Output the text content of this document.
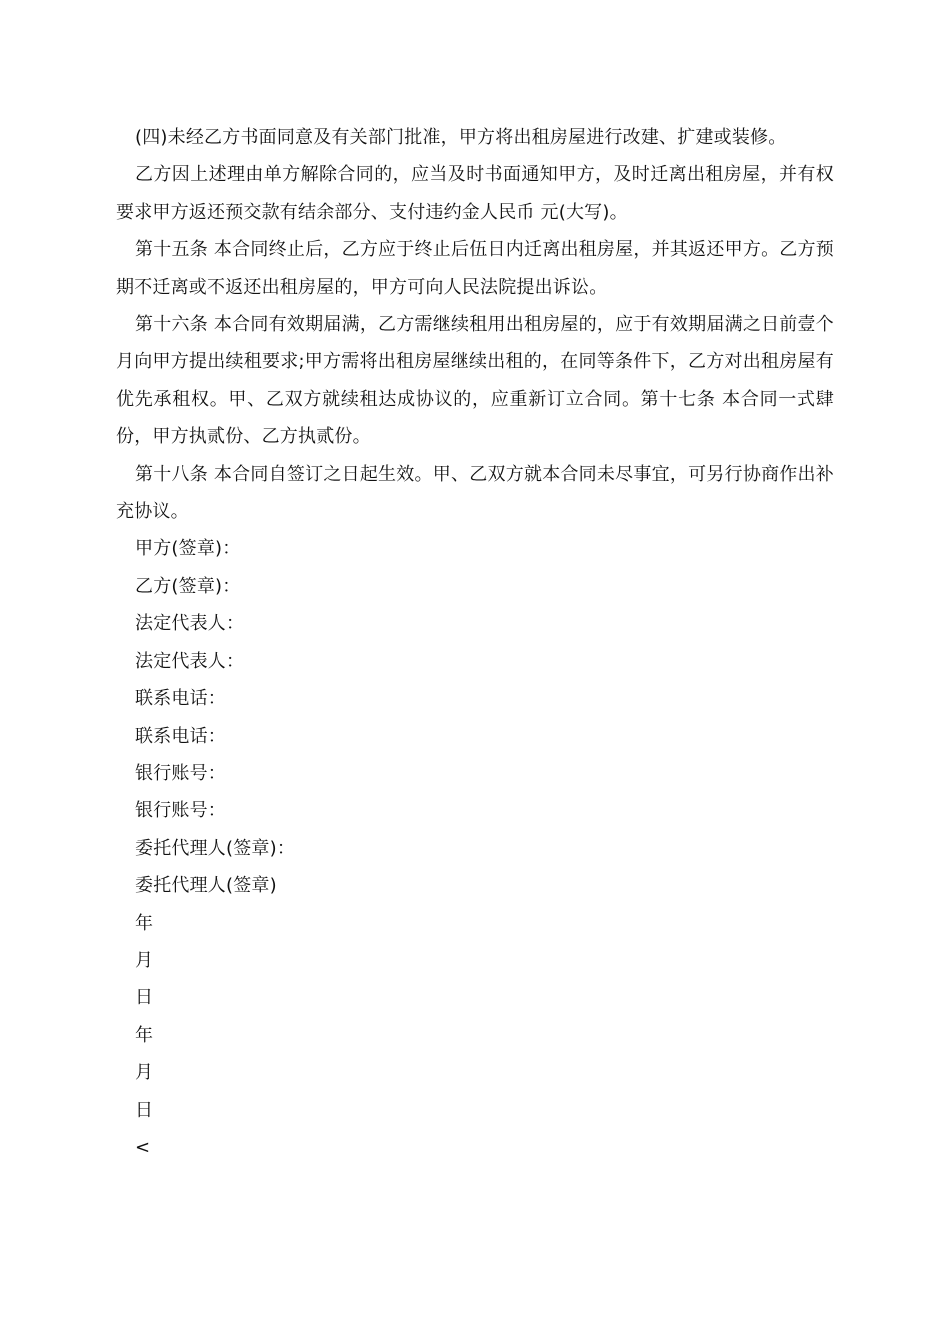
(四)未经乙方书面同意及有关部门批准，甲方将出租房屋进行改建、扩建或装修。

乙方因上述理由单方解除合同的，应当及时书面通知甲方，及时迁离出租房屋，并有权要求甲方返还预交款有结余部分、支付违约金人民币 元(大写)。

第十五条 本合同终止后，乙方应于终止后伍日内迁离出租房屋，并其返还甲方。乙方预期不迁离或不返还出租房屋的，甲方可向人民法院提出诉讼。

第十六条 本合同有效期届满，乙方需继续租用出租房屋的，应于有效期届满之日前壹个月向甲方提出续租要求;甲方需将出租房屋继续出租的，在同等条件下，乙方对出租房屋有优先承租权。甲、乙双方就续租达成协议的，应重新订立合同。第十七条 本合同一式肆份，甲方执贰份、乙方执贰份。

第十八条 本合同自签订之日起生效。甲、乙双方就本合同未尽事宜，可另行协商作出补充协议。

甲方(签章)：

乙方(签章)：

法定代表人：

法定代表人：

联系电话：

联系电话：

银行账号：

银行账号：

委托代理人(签章)：

委托代理人(签章)

年

月

日

年

月

日

<
